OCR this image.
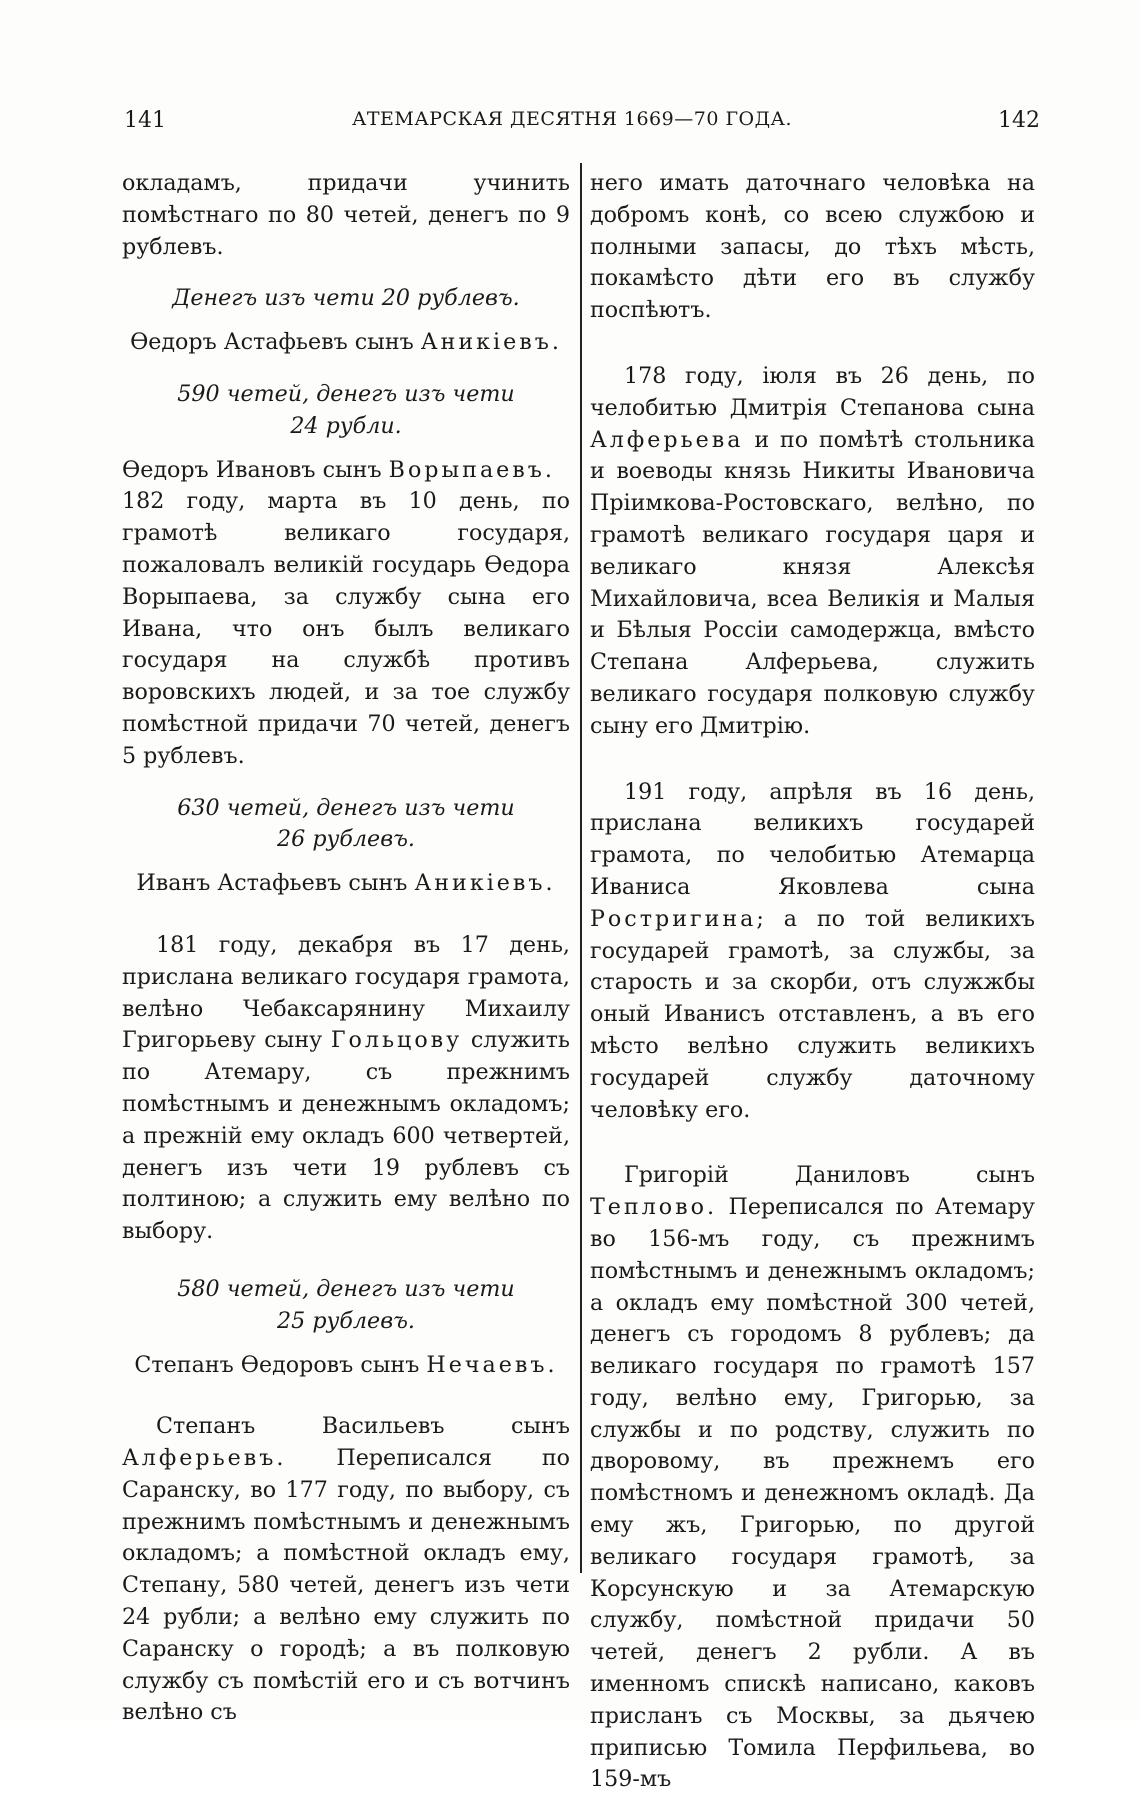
141	АТЕМАРСКАЯ ДЕСЯТНЯ 1669—70 ГОДА.	142

окладамъ, придачи учинить помѣстнаго по 80 четей, денегъ по 9 рублевъ.

Денегъ изъ чети 20 рублевъ.

Ѳедоръ Астафьевъ сынъ Аникіевъ.

590 четей, денегъ изъ чети

24 рубли.

Ѳедоръ Ивановъ сынъ Ворыпаевъ.

182 году, марта въ 10 день, по грамотѣ великаго государя, пожаловалъ великій государь Ѳедора Ворыпаева, за службу сына его Ивана, что онъ былъ великаго государя на службѣ противъ воровскихъ людей, и за тое службу помѣстной придачи 70 четей, денегъ 5 рублевъ.

630 четей, денегъ изъ чети

26 рублевъ.

Иванъ Астафьевъ сынъ Аникіевъ.

181 году, декабря въ 17 день, прислана великаго государя грамота, велѣно Чебаксарянину Михаилу Григорьеву сыну Гольцову служить по Атемару, съ прежнимъ помѣстнымъ и денежнымъ окладомъ; а прежній ему окладъ 600 четвертей, денегъ изъ чети 19 рублевъ съ полтиною; а служить ему велѣно по выбору.

580 четей, денегъ изъ чети

25 рублевъ.

Степанъ Ѳедоровъ сынъ Нечаевъ.

Степанъ Васильевъ сынъ Алферьевъ. Переписался по Саранску, во 177 году, по выбору, съ прежнимъ помѣстнымъ и денежнымъ окладомъ; а помѣстной окладъ ему, Степану, 580 четей, денегъ изъ чети 24 рубли; а велѣно ему служить по Саранску о городѣ; а въ полковую службу съ помѣстій его и съ вотчинъ велѣно съ

него имать даточнаго человѣка на добромъ конѣ, со всею службою и полными запасы, до тѣхъ мѣсть, покамѣсто дѣти его въ службу поспѣютъ.

178 году, іюля въ 26 день, по челобитью Дмитрія Степанова сына Алферьева и по помѣтѣ стольника и воеводы князь Никиты Ивановича Пріимкова-Ростовскаго, велѣно, по грамотѣ великаго государя царя и великаго князя Алексѣя Михайловича, всеа Великія и Малыя и Бѣлыя Россіи самодержца, вмѣсто Степана Алферьева, служить великаго государя полковую службу сыну его Дмитрію.

191 году, апрѣля въ 16 день, прислана великихъ государей грамота, по челобитью Атемарца Иваниса Яковлева сына Ростригина; а по той великихъ государей грамотѣ, за службы, за старость и за скорби, отъ служжбы оный Иванисъ отставленъ, а въ его мѣсто велѣно служить великихъ государей службу даточному человѣку его.

Григорій Даниловъ сынъ Теплово. Переписался по Атемару во 156-мъ году, съ прежнимъ помѣстнымъ и денежнымъ окладомъ; а окладъ ему помѣстной 300 четей, денегъ съ городомъ 8 рублевъ; да великаго государя по грамотѣ 157 году, велѣно ему, Григорью, за службы и по родству, служить по дворовому, въ прежнемъ его помѣстномъ и денежномъ окладѣ. Да ему жъ, Григорью, по другой великаго государя грамотѣ, за Корсунскую и за Атемарскую службу, помѣстной придачи 50 четей, денегъ 2 рубли. А въ именномъ спискѣ написано, каковъ присланъ съ Москвы, за дьячею приписью Томила Перфильева, во 159-мъ
